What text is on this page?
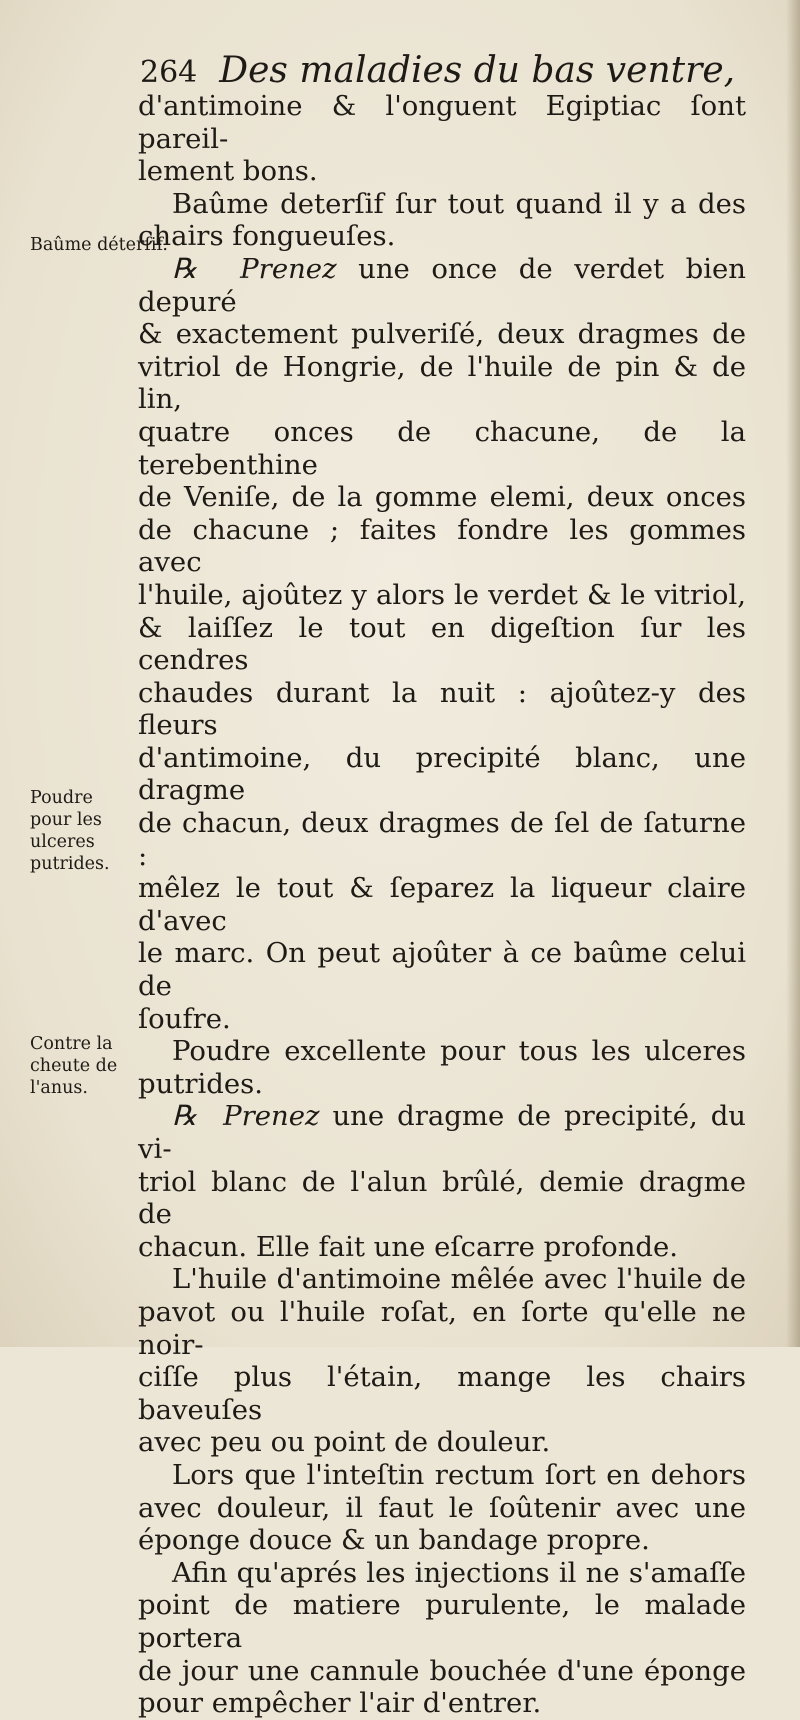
264 Des maladies du bas ventre,
Baûme déterſif.
Poudre pour les ulceres putrides.
Contre la cheute de l'anus.

d'antimoine & l'onguent Egiptiac ſont pareil-

lement bons.

Baûme deterſif ſur tout quand il y a des

chairs fongueuſes.

℞ Prenez une once de verdet bien depuré

& exactement pulveriſé, deux dragmes de

vitriol de Hongrie, de l'huile de pin & de lin,

quatre onces de chacune, de la terebenthine

de Veniſe, de la gomme elemi, deux onces

de chacune ; faites fondre les gommes avec

l'huile, ajoûtez y alors le verdet & le vitriol,

& laiſſez le tout en digeſtion ſur les cendres

chaudes durant la nuit : ajoûtez-y des fleurs

d'antimoine, du precipité blanc, une dragme

de chacun, deux dragmes de ſel de ſaturne :

mêlez le tout & ſeparez la liqueur claire d'avec

le marc. On peut ajoûter à ce baûme celui de

ſoufre.

Poudre excellente pour tous les ulceres

putrides.

℞ Prenez une dragme de precipité, du vi-

triol blanc de l'alun brûlé, demie dragme de

chacun. Elle fait une eſcarre profonde.

L'huile d'antimoine mêlée avec l'huile de

pavot ou l'huile roſat, en ſorte qu'elle ne noir-

ciſſe plus l'étain, mange les chairs baveuſes

avec peu ou point de douleur.

Lors que l'inteſtin rectum ſort en dehors

avec douleur, il faut le ſoûtenir avec une

éponge douce & un bandage propre.

Afin qu'aprés les injections il ne s'amaſſe

point de matiere purulente, le malade portera

de jour une cannule bouchée d'une éponge

pour empêcher l'air d'entrer.
